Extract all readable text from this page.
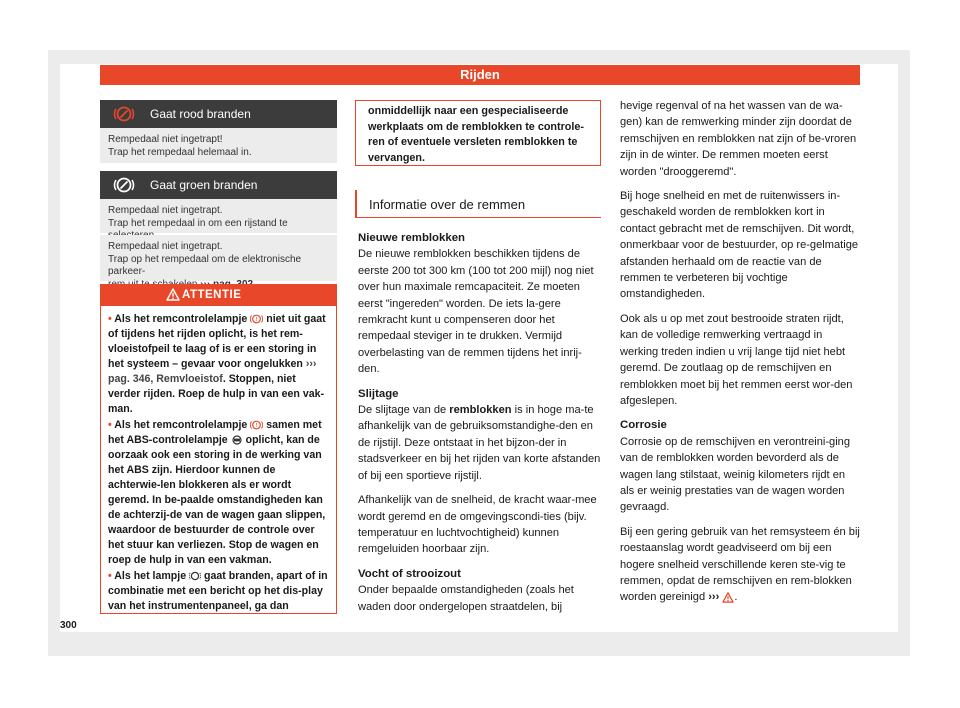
Rijden
Gaat rood branden
Rempedaal niet ingetrapt!
Trap het rempedaal helemaal in.
Gaat groen branden
Rempedaal niet ingetrapt.
Trap het rempedaal in om een rijstand te
Rempedaal niet ingetrapt.
Trap op het rempedaal om de elektronische parkeer-
ATTENTIE

• Als het remcontrolelampje ! niet uit gaat of tijdens het rijden oplicht, is het rem-vloeistofpeil te laag of is er een storing in het systeem – gevaar voor ongelukken ››› pag. 346, Remvloeistof. Stoppen, niet verder rijden. Roep de hulp in van een vak-man.

• Als het remcontrolelampje ! samen met het ABS-controlelampje oplicht, kan de oorzaak ook een storing in de werking van het ABS zijn. Hierdoor kunnen de achterwie-len blokkeren als er wordt geremd. In be-paalde omstandigheden kan de achterzij-de van de wagen gaan slippen, waardoor de bestuurder de controle over het stuur kan verliezen. Stop de wagen en roep de hulp in van een vakman.

• Als het lampje gaat branden, apart of in combinatie met een bericht op het dis-play van het instrumentenpaneel, ga dan

300
onmiddellijk naar een gespecialiseerde werkplaats om de remblokken te controle-ren of eventuele versleten remblokken te vervangen.
Informatie over de remmen
Nieuwe remblokken

De nieuwe remblokken beschikken tijdens de eerste 200 tot 300 km (100 tot 200 mijl) nog niet over hun maximale remcapaciteit. Ze moeten eerst "ingereden" worden. De iets la-gere remkracht kunt u compenseren door het rempedaal steviger in te drukken. Vermijd overbelasting van de remmen tijdens het inrij-den.

Slijtage

De slijtage van de remblokken is in hoge ma-te afhankelijk van de gebruiksomstandighe-den en de rijstijl. Deze ontstaat in het bijzon-der in stadsverkeer en bij het rijden van korte afstanden of bij een sportieve rijstijl.

Afhankelijk van de snelheid, de kracht waar-mee wordt geremd en de omgevingscondi-ties (bijv. temperatuur en luchtvochtigheid) kunnen remgeluiden hoorbaar zijn.

Vocht of strooizout

Onder bepaalde omstandigheden (zoals het waden door ondergelopen straatdelen, bij

hevige regenval of na het wassen van de wa-gen) kan de remwerking minder zijn doordat de remschijven en remblokken nat zijn of be-vroren zijn in de winter. De remmen moeten eerst worden "drooggeremd".

Bij hoge snelheid en met de ruitenwissers in-geschakeld worden de remblokken kort in contact gebracht met de remschijven. Dit wordt, onmerkbaar voor de bestuurder, op re-gelmatige afstanden herhaald om de reactie van de remmen te verbeteren bij vochtige omstandigheden.

Ook als u op met zout bestrooide straten rijdt, kan de volledige remwerking vertraagd in werking treden indien u vrij lange tijd niet hebt geremd. De zoutlaag op de remschijven en remblokken moet bij het remmen eerst wor-den afgeslepen.

Corrosie

Corrosie op de remschijven en verontreini-ging van de remblokken worden bevorderd als de wagen lang stilstaat, weinig kilometers rijdt en als er weinig prestaties van de wagen worden gevraagd.

Bij een gering gebruik van het remsysteem én bij roestaanslag wordt geadviseerd om bij een hogere snelheid verschillende keren ste-vig te remmen, opdat de remschijven en rem-blokken worden gereinigd ››› .
